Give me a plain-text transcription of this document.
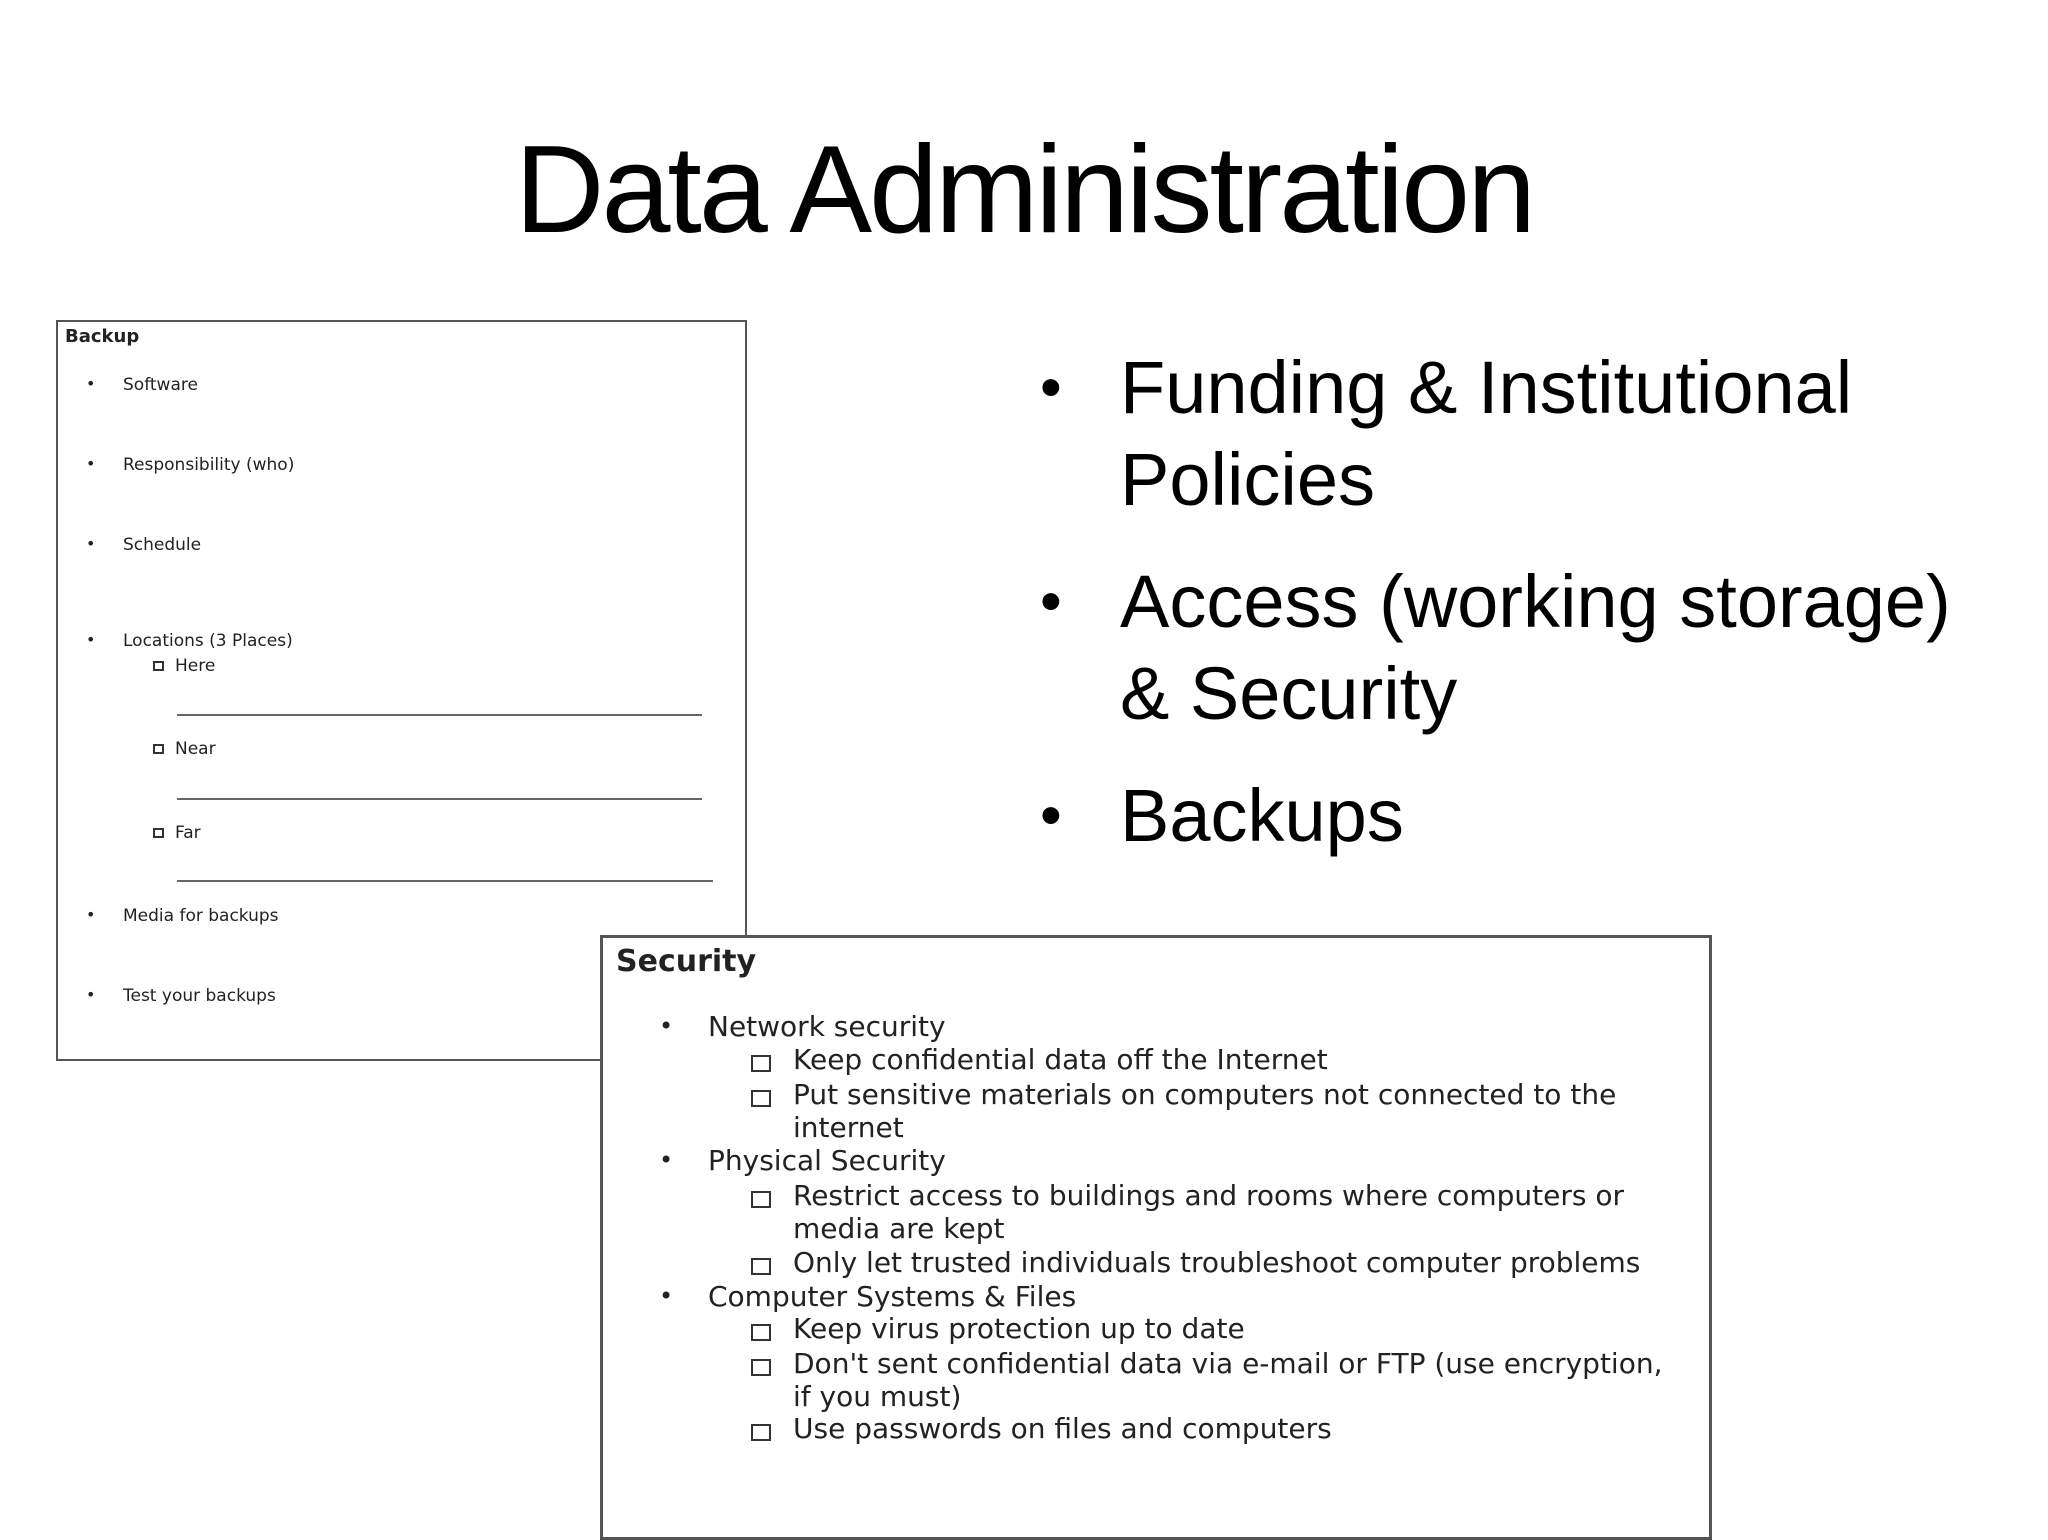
Data Administration
• Funding & Institutional Policies
• Access (working storage) & Security
• Backups
Backup
• Software
• Responsibility (who)
• Schedule
• Locations (3 Places)
Here
Near
Far
• Media for backups
• Test your backups
Security
• Network security
Keep confidential data off the Internet
Put sensitive materials on computers not connected to the internet
• Physical Security
Restrict access to buildings and rooms where computers or media are kept
Only let trusted individuals troubleshoot computer problems
• Computer Systems & Files
Keep virus protection up to date
Don't sent confidential data via e-mail or FTP (use encryption, if you must)
Use passwords on files and computers
